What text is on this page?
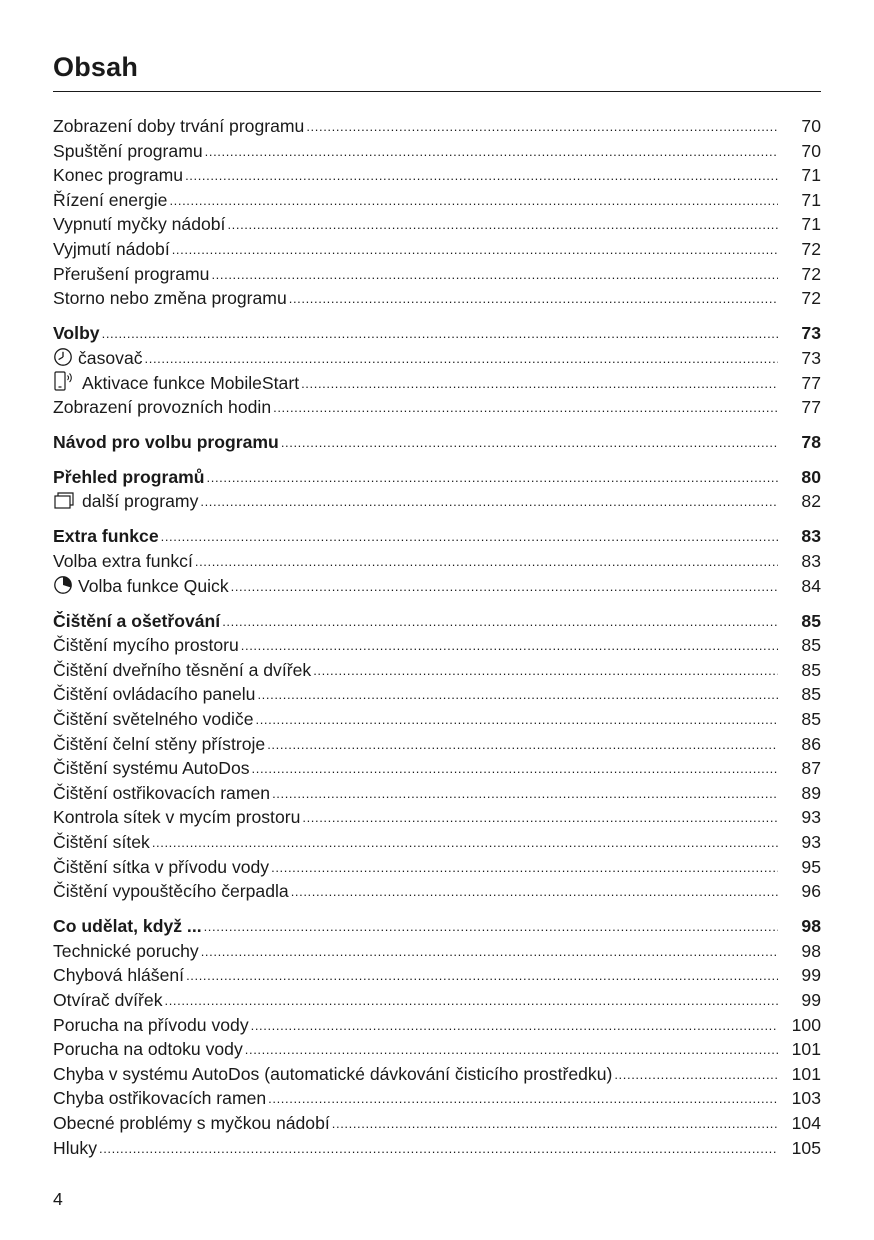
Obsah
Zobrazení doby trvání programu .....	70
Spuštění programu .....	70
Konec programu .....	71
Řízení energie .....	71
Vypnutí myčky nádobí .....	71
Vyjmutí nádobí .....	72
Přerušení programu .....	72
Storno nebo změna programu .....	72
Volby .....	73
časovač .....	73
Aktivace funkce MobileStart .....	77
Zobrazení provozních hodin .....	77
Návod pro volbu programu .....	78
Přehled programů .....	80
další programy .....	82
Extra funkce .....	83
Volba extra funkcí .....	83
Volba funkce Quick .....	84
Čištění a ošetřování .....	85
Čištění mycího prostoru .....	85
Čištění dveřního těsnění a dvířek .....	85
Čištění ovládacího panelu .....	85
Čištění světelného vodiče .....	85
Čištění čelní stěny přístroje .....	86
Čištění systému AutoDos .....	87
Čištění ostřikovacích ramen .....	89
Kontrola sítek v mycím prostoru .....	93
Čištění sítek .....	93
Čištění sítka v přívodu vody .....	95
Čištění vypouštěcího čerpadla .....	96
Co udělat, když ... .....	98
Technické poruchy .....	98
Chybová hlášení .....	99
Otvírač dvířek .....	99
Porucha na přívodu vody .....	100
Porucha na odtoku vody .....	101
Chyba v systému AutoDos (automatické dávkování čisticího prostředku) .....	101
Chyba ostřikovacích ramen .....	103
Obecné problémy s myčkou nádobí .....	104
Hluky .....	105
4
